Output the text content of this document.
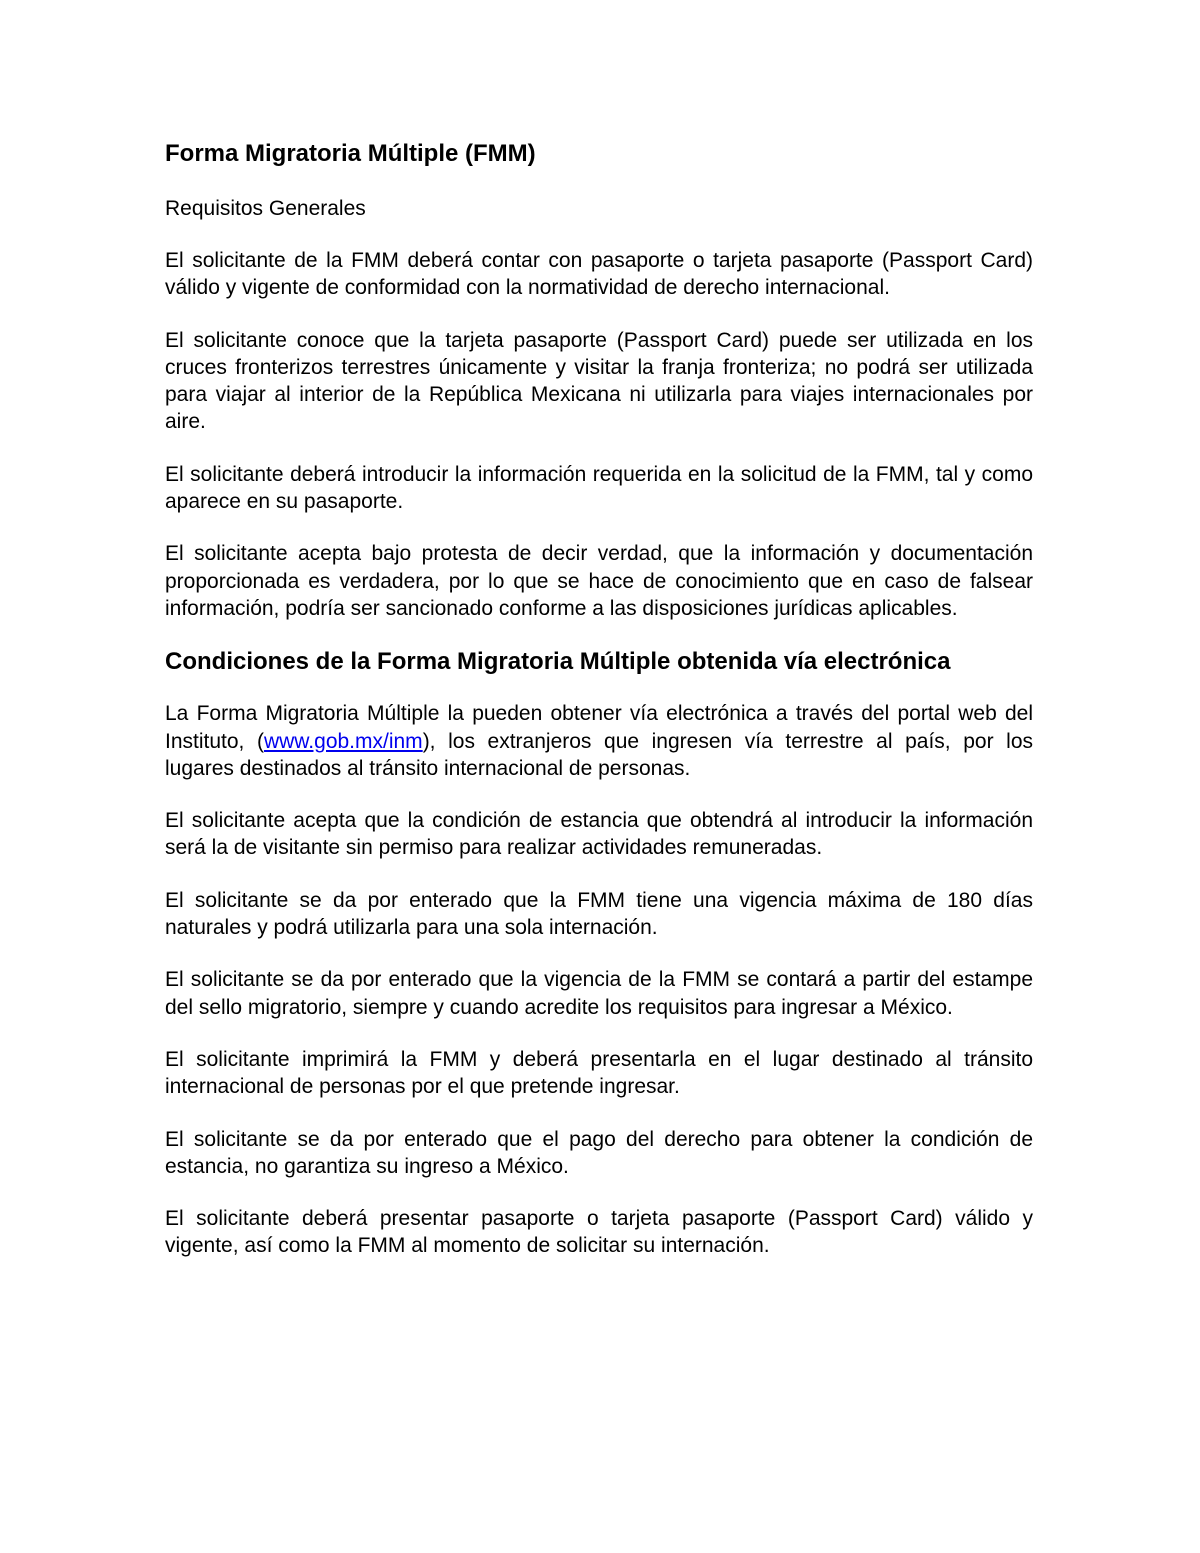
Forma Migratoria Múltiple (FMM)
Requisitos Generales

El solicitante de la FMM deberá contar con pasaporte o tarjeta pasaporte (Passport Card) válido y vigente de conformidad con la normatividad de derecho internacional.

El solicitante conoce que la tarjeta pasaporte (Passport Card) puede ser utilizada en los cruces fronterizos terrestres únicamente y visitar la franja fronteriza; no podrá ser utilizada para viajar al interior de la República Mexicana ni utilizarla para viajes internacionales por aire.

El solicitante deberá introducir la información requerida en la solicitud de la FMM, tal y como aparece en su pasaporte.

El solicitante acepta bajo protesta de decir verdad, que la información y documentación proporcionada es verdadera, por lo que se hace de conocimiento que en caso de falsear información, podría ser sancionado conforme a las disposiciones jurídicas aplicables.

Condiciones de la Forma Migratoria Múltiple obtenida vía electrónica

La Forma Migratoria Múltiple la pueden obtener vía electrónica a través del portal web del Instituto, (www.gob.mx/inm), los extranjeros que ingresen vía terrestre al país, por los lugares destinados al tránsito internacional de personas.

El solicitante acepta que la condición de estancia que obtendrá al introducir la información será la de visitante sin permiso para realizar actividades remuneradas.

El solicitante se da por enterado que la FMM tiene una vigencia máxima de 180 días naturales y podrá utilizarla para una sola internación.

El solicitante se da por enterado que la vigencia de la FMM se contará a partir del estampe del sello migratorio, siempre y cuando acredite los requisitos para ingresar a México.

El solicitante imprimirá la FMM y deberá presentarla en el lugar destinado al tránsito internacional de personas por el que pretende ingresar.

El solicitante se da por enterado que el pago del derecho para obtener la condición de estancia, no garantiza su ingreso a México.

El solicitante deberá presentar pasaporte o tarjeta pasaporte (Passport Card) válido y vigente, así como la FMM al momento de solicitar su internación.
